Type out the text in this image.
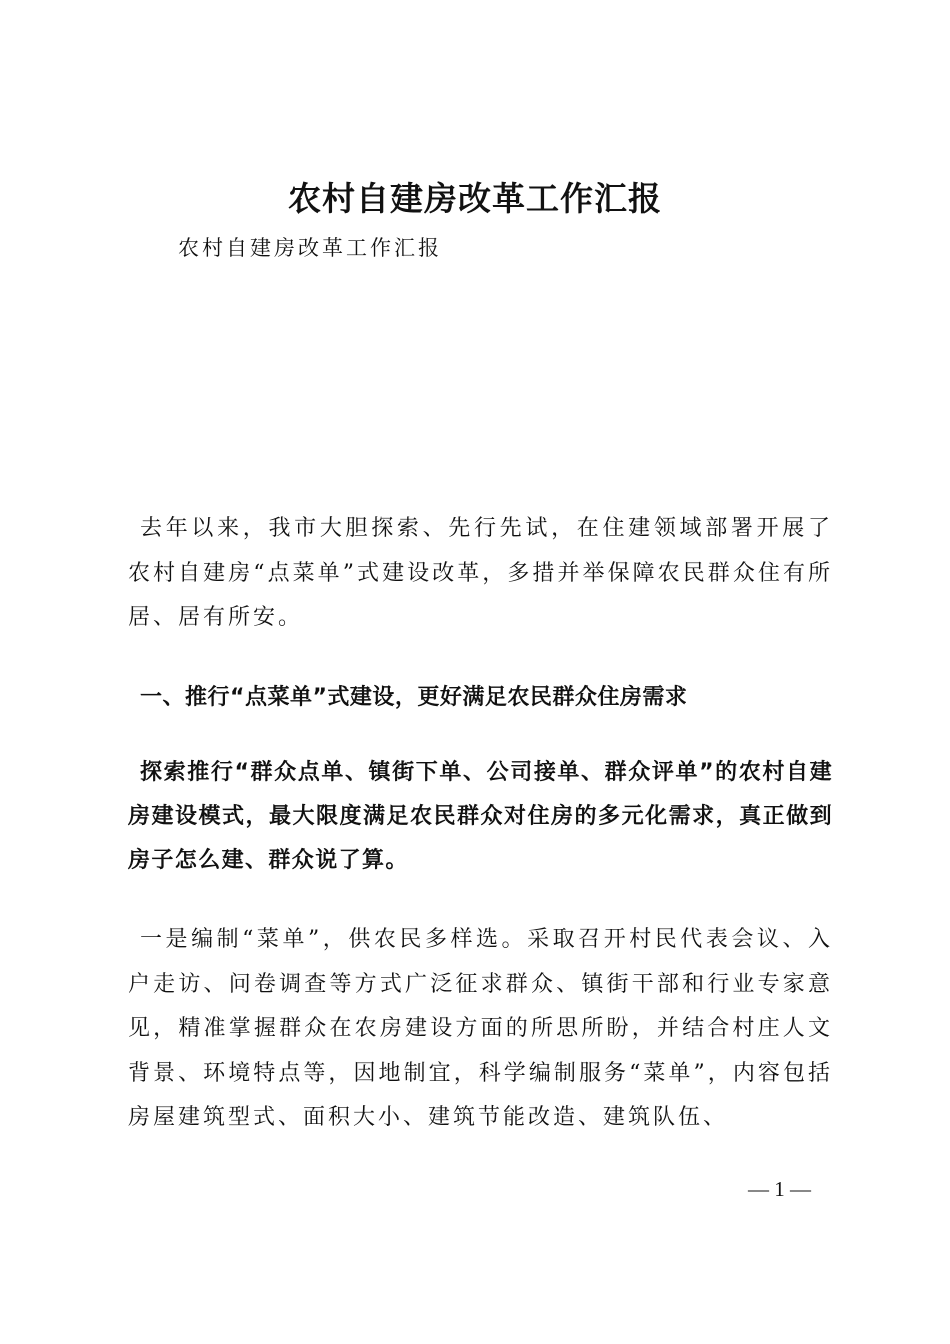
农村自建房改革工作汇报
农村自建房改革工作汇报

去年以来，我市大胆探索、先行先试，在住建领域部署开展了农村自建房“点菜单”式建设改革，多措并举保障农民群众住有所居、居有所安。

一、推行“点菜单”式建设，更好满足农民群众住房需求

探索推行“群众点单、镇街下单、公司接单、群众评单”的农村自建房建设模式，最大限度满足农民群众对住房的多元化需求，真正做到房子怎么建、群众说了算。

一是编制“菜单”，供农民多样选。采取召开村民代表会议、入户走访、问卷调查等方式广泛征求群众、镇街干部和行业专家意见，精准掌握群众在农房建设方面的所思所盼，并结合村庄人文背景、环境特点等，因地制宜，科学编制服务“菜单”，内容包括房屋建筑型式、面积大小、建筑节能改造、建筑队伍、

— 1 —
